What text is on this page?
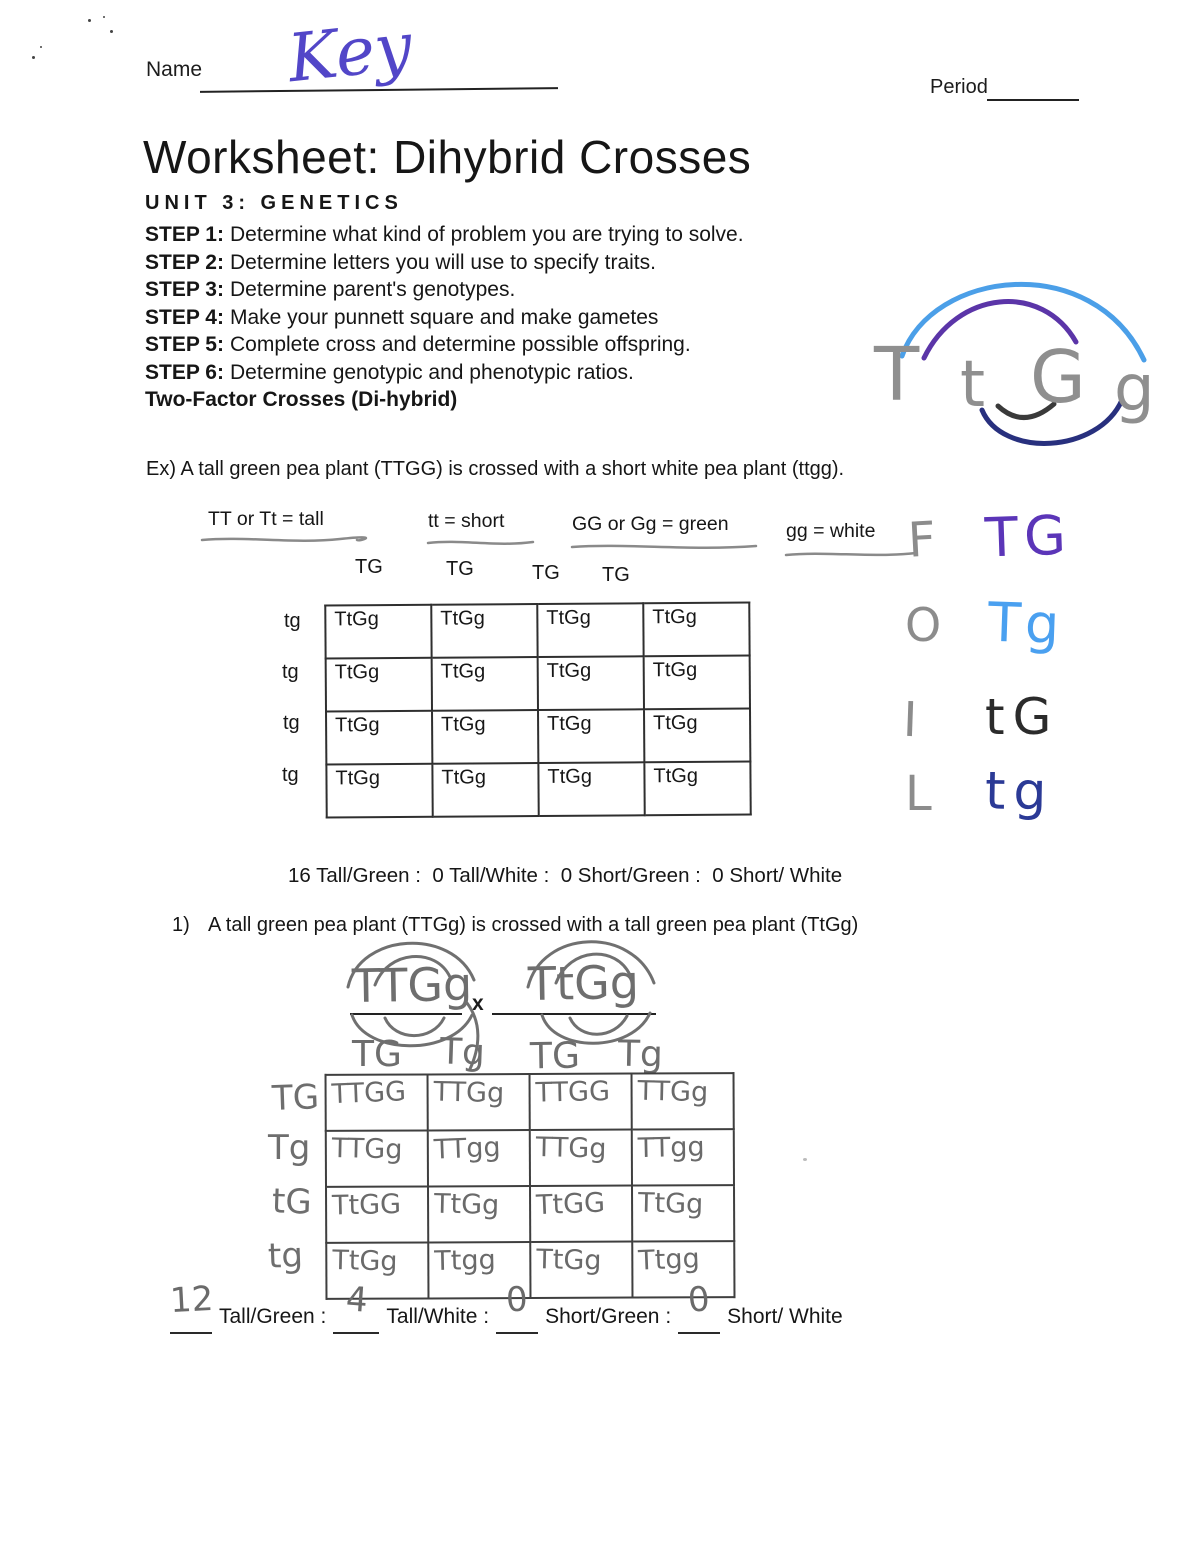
Name Key	Period
Worksheet: Dihybrid Crosses
UNIT 3: GENETICS
STEP 1: Determine what kind of problem you are trying to solve.
STEP 2: Determine letters you will use to specify traits.
STEP 3: Determine parent's genotypes.
STEP 4: Make your punnett square and make gametes
STEP 5: Complete cross and determine possible offspring.
STEP 6: Determine genotypic and phenotypic ratios.
Two-Factor Crosses (Di-hybrid)	T t G g
Ex) A tall green pea plant (TTGG) is crossed with a short white pea plant (ttgg).
TT or Tt = tall	tt = short	GG or Gg = green	gg = white
TG	TG	TG TG
tg
tg
tg
tg
TtGg	TtGg	TtGg	TtGg
TtGg	TtGg	TtGg	TtGg
TtGg	TtGg	TtGg	TtGg
TtGg	TtGg	TtGg	TtGg
F TG
O Tg
I tG
L tg
16 Tall/Green :  0 Tall/White :  0 Short/Green :  0 Short/ White
1) A tall green pea plant (TTGg) is crossed with a tall green pea plant (TtGg)
x
TTGg TtGg
TG Tg TG Tg
TG
Tg
tG
tg
TTGG	TTGg	TTGG	TTGg
TTGg	TTgg	TTGg	TTgg
TtGG	TtGg	TtGG	TtGg
TtGg	Ttgg	TtGg	Ttgg
12 Tall/Green : 4 Tall/White : 0 Short/Green : 0 Short/ White
